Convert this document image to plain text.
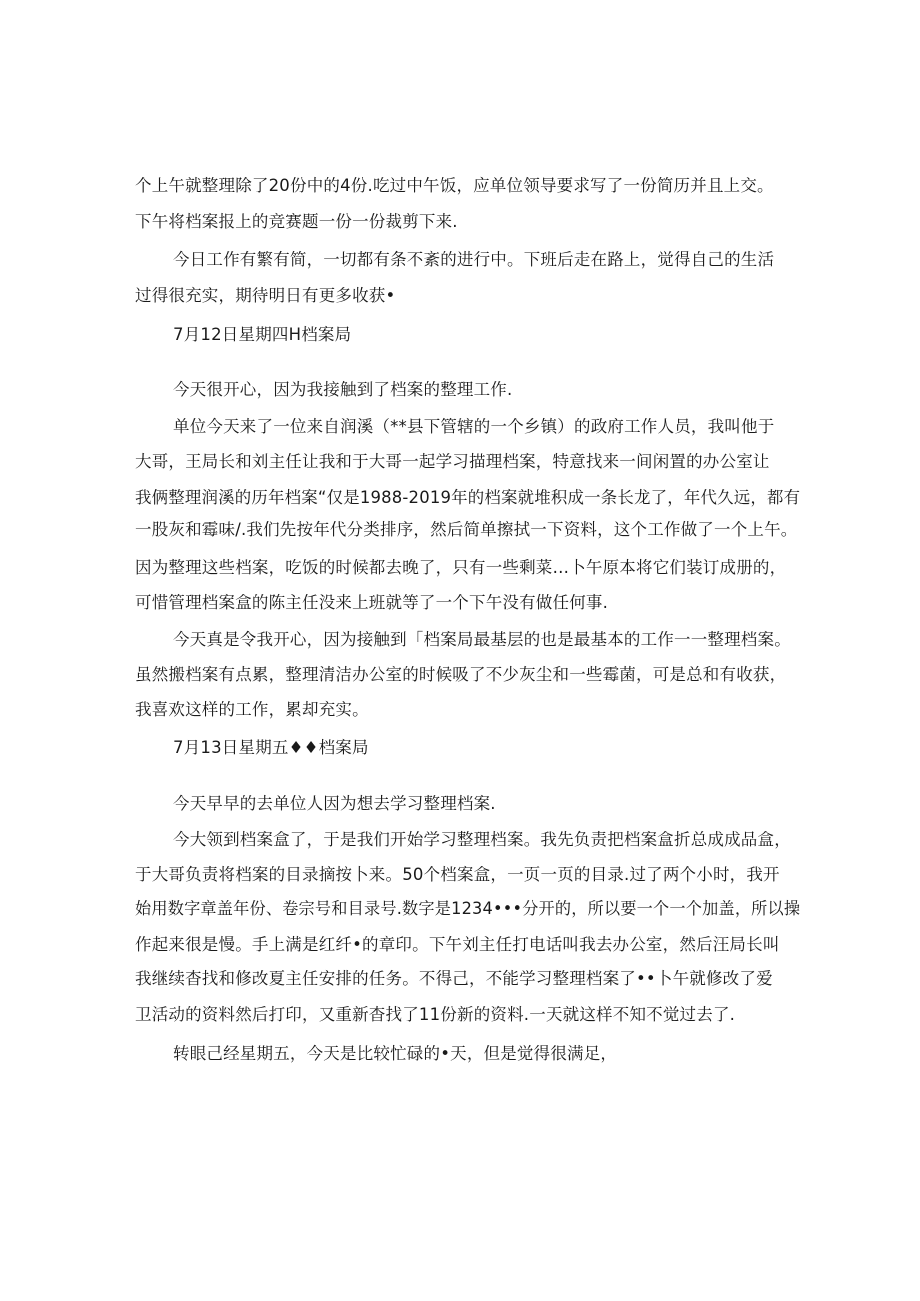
个上午就整理除了20份中的4份.吃过中午饭，应单位领导要求写了一份简历并且上交。
下午将档案报上的竞赛题一份一份裁剪下来.
今日工作有繁有简，一切都有条不紊的进行中。下班后走在路上，觉得自己的生活
过得很充实，期待明日有更多收获•
7月12日星期四H档案局
今天很开心，因为我接触到了档案的整理工作.
单位今天来了一位来自润溪（**县下管辖的一个乡镇）的政府工作人员，我叫他于
大哥，王局长和刘主任让我和于大哥一起学习描理档案，特意找来一间闲置的办公室让
我俩整理润溪的历年档案“仅是1988-2019年的档案就堆积成一条长龙了，年代久远，都有
一股灰和霉味/.我们先按年代分类排序，然后简单擦拭一下资料，这个工作做了一个上午。
因为整理这些档案，吃饭的时候都去晚了，只有一些剩菜…卜午原本将它们装订成册的，
可惜管理档案盒的陈主任没来上班就等了一个下午没有做任何事.
今天真是令我开心，因为接触到「档案局最基层的也是最基本的工作一一整理档案。
虽然搬档案有点累，整理清洁办公室的时候吸了不少灰尘和一些霉菌，可是总和有收获，
我喜欢这样的工作，累却充实。
7月13日星期五♦♦档案局
今天早早的去单位人因为想去学习整理档案.
今大领到档案盒了，于是我们开始学习整理档案。我先负责把档案盒折总成成品盒，
于大哥负责将档案的目录摘按卜来。50个档案盒，一页一页的目录.过了两个小时，我开
始用数字章盖年份、卷宗号和目录号.数字是1234•••分开的，所以要一个一个加盖，所以操
作起来很是慢。手上满是红纤•的章印。下午刘主任打电话叫我去办公室，然后汪局长叫
我继续杳找和修改夏主任安排的任务。不得己，不能学习整理档案了••卜午就修改了爱
卫活动的资料然后打印，又重新杳找了11份新的资料.一天就这样不知不觉过去了.
转眼己经星期五，今天是比较忙碌的•天，但是觉得很满足，
